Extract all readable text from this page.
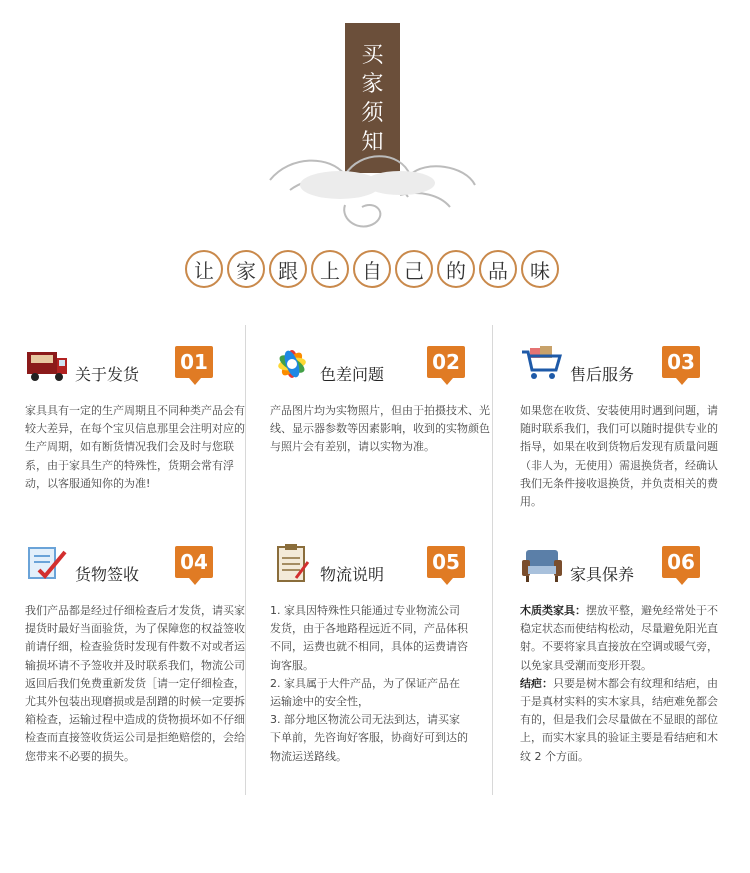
买
家
须
知
让	家	跟	上	自	己	的	品	味
关于发货
01

家具具有一定的生产周期且不同种类产品会有较大差异，在每个宝贝信息那里会注明对应的生产周期，如有断货情况我们会及时与您联系，由于家具生产的特殊性，货期会常有浮动，以客服通知你的为准!

色差问题
02

产品图片均为实物照片，但由于拍摄技术、光线、显示器参数等因素影响，收到的实物颜色与照片会有差别，请以实物为准。

售后服务
03

如果您在收货、安装使用时遇到问题，请随时联系我们，我们可以随时提供专业的指导，如果在收到货物后发现有质量问题（非人为，无使用）需退换货者，经确认我们无条件接收退换货，并负责相关的费用。

货物签收
04

我们产品都是经过仔细检查后才发货，请买家提货时最好当面验货，为了保障您的权益签收前请仔细，检查验货时发现有件数不对或者运输损坏请不予签收并及时联系我们，物流公司返回后我们免费重新发货［请一定仔细检查，尤其外包装出现磨损或是刮蹭的时候一定要拆箱检查，运输过程中造成的货物损坏如不仔细检查而直接签收货运公司是拒绝赔偿的，会给您带来不必要的损失。

物流说明
05

1. 家具因特殊性只能通过专业物流公司发货，由于各地路程远近不同，产品体积不同，运费也就不相同，具体的运费请咨询客服。

2. 家具属于大件产品，为了保证产品在运输途中的安全性，

3. 部分地区物流公司无法到达，请买家下单前，先咨询好客服，协商好可到达的物流运送路线。

家具保养
06

木质类家具：摆放平整，避免经常处于不稳定状态而使结构松动，尽量避免阳光直射。不要将家具直接放在空调或暖气旁，以免家具受潮而变形开裂。

结疤：只要是树木都会有纹理和结疤，由于是真材实料的实木家具，结疤难免都会有的，但是我们会尽量做在不显眼的部位上，而实木家具的验证主要是看结疤和木纹 2 个方面。
